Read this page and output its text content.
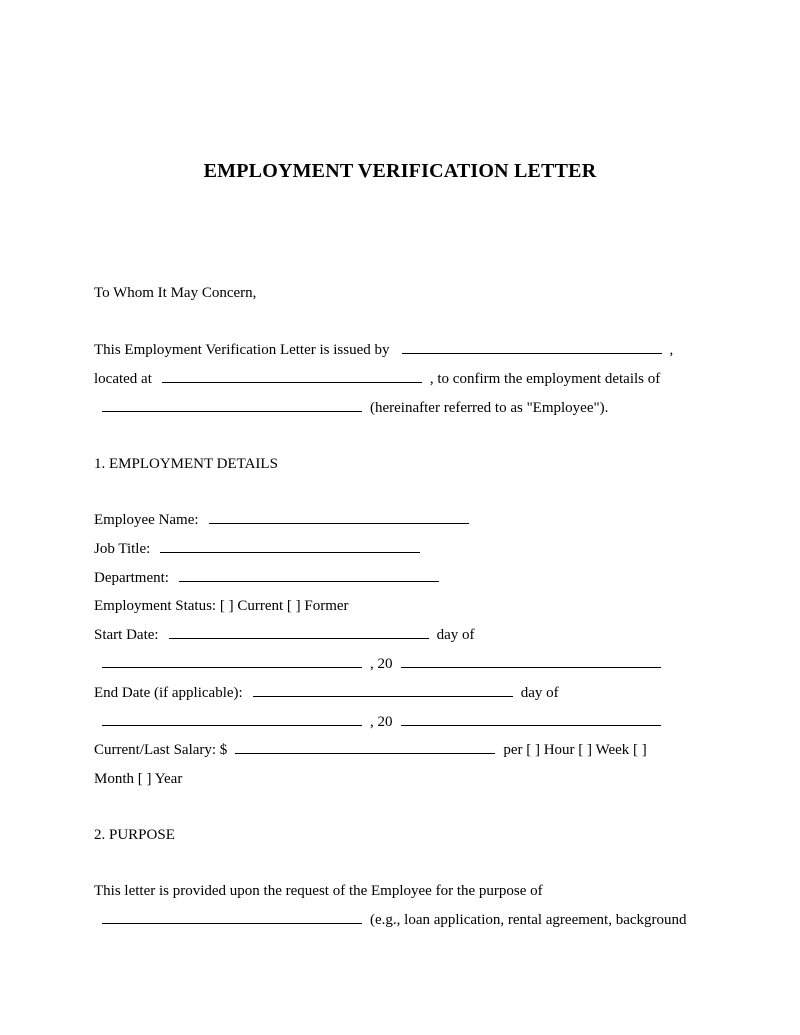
EMPLOYMENT VERIFICATION LETTER
To Whom It May Concern,
This Employment Verification Letter is issued by	,
located at	, to confirm the employment details of
(hereinafter referred to as "Employee").
1. EMPLOYMENT DETAILS
Employee Name:
Job Title:
Department:
Employment Status: [ ] Current [ ] Former
Start Date:	day of
, 20
End Date (if applicable):	day of
, 20
Current/Last Salary: $	per [ ] Hour [ ] Week [ ]
Month [ ] Year
2. PURPOSE
This letter is provided upon the request of the Employee for the purpose of
(e.g., loan application, rental agreement, background
